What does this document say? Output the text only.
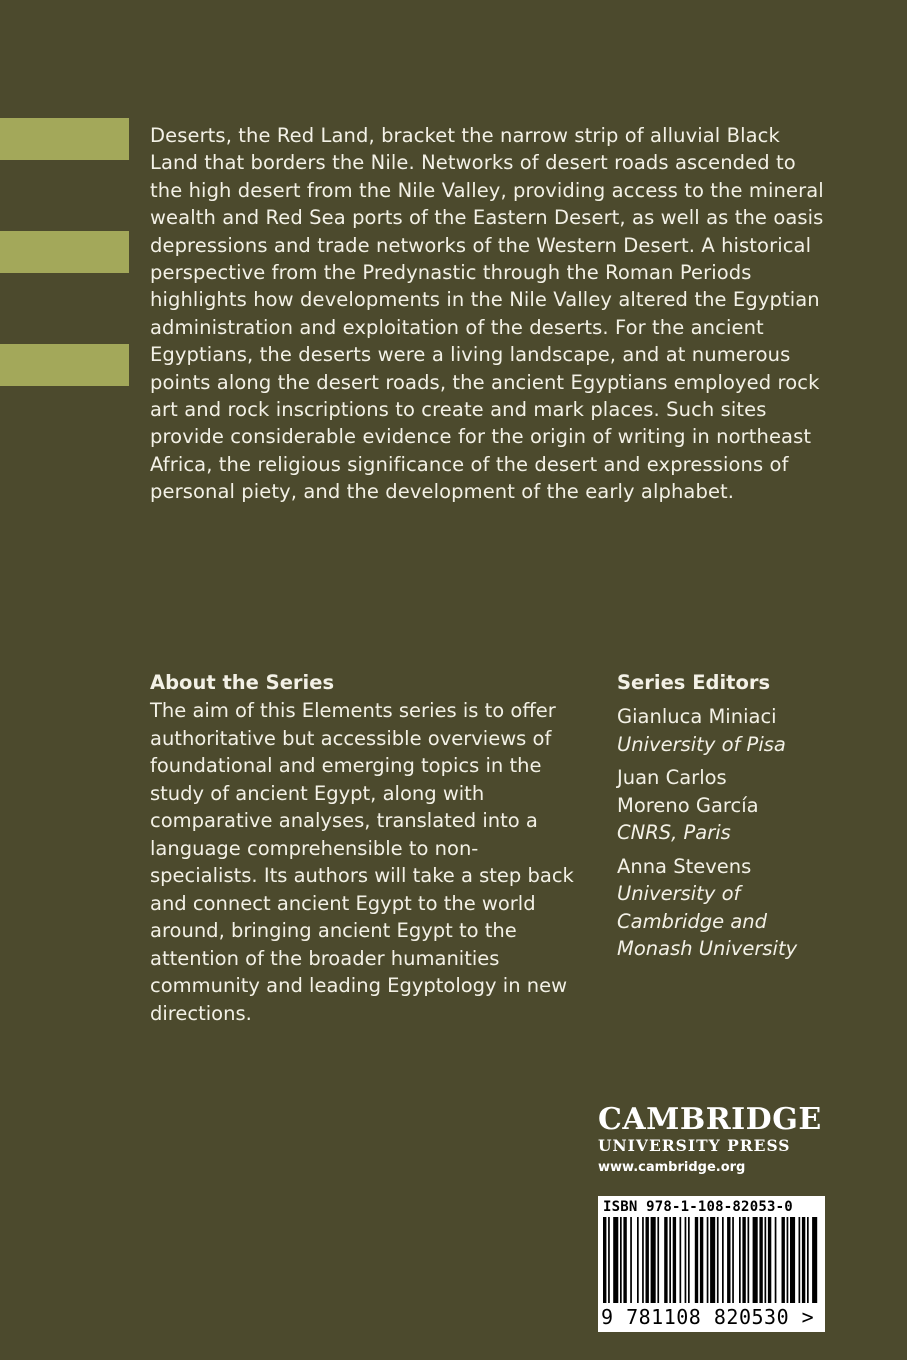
Deserts, the Red Land, bracket the narrow strip of alluvial Black Land that borders the Nile. Networks of desert roads ascended to the high desert from the Nile Valley, providing access to the mineral wealth and Red Sea ports of the Eastern Desert, as well as the oasis depressions and trade networks of the Western Desert. A historical perspective from the Predynastic through the Roman Periods highlights how developments in the Nile Valley altered the Egyptian administration and exploitation of the deserts. For the ancient Egyptians, the deserts were a living landscape, and at numerous points along the desert roads, the ancient Egyptians employed rock art and rock inscriptions to create and mark places. Such sites provide considerable evidence for the origin of writing in northeast Africa, the religious significance of the desert and expressions of personal piety, and the development of the early alphabet.

About the Series

The aim of this Elements series is to offer authoritative but accessible overviews of foundational and emerging topics in the study of ancient Egypt, along with comparative analyses, translated into a language comprehensible to non-specialists. Its authors will take a step back and connect ancient Egypt to the world around, bringing ancient Egypt to the attention of the broader humanities community and leading Egyptology in new directions.

Series Editors
Gianluca Miniaci
University of Pisa
Juan Carlos Moreno García
CNRS, Paris
Anna Stevens
University of Cambridge and Monash University
CAMBRIDGE
UNIVERSITY PRESS
www.cambridge.org
ISBN 978-1-108-82053-0
9 781108 820530 >
